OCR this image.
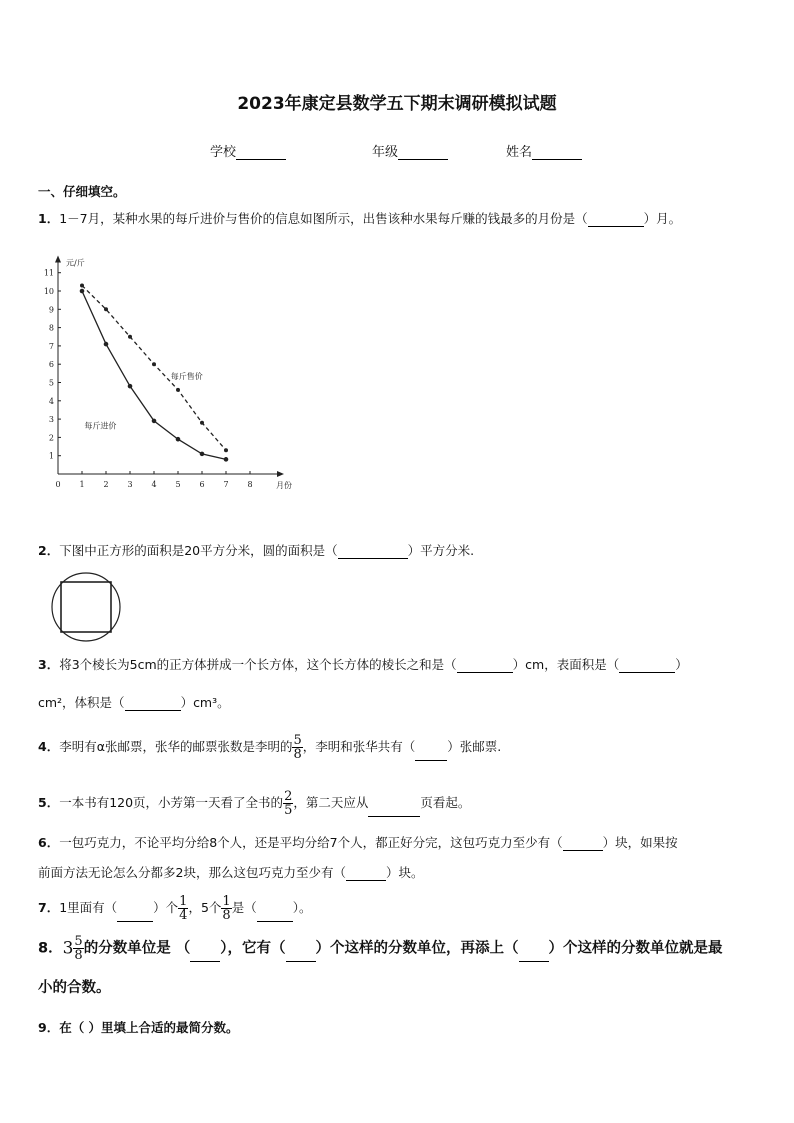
2023年康定县数学五下期末调研模拟试题
学校	年级	姓名
一、仔细填空。
1．1－7月，某种水果的每斤进价与售价的信息如图所示，出售该种水果每斤赚的钱最多的月份是（	）月。
1
2
3
4
5
6
7
8
9
10
11
0 1 2 3 4 5 6 7 8
元/斤
月份
每斤售价
每斤进价
2．下图中正方形的面积是20平方分米，圆的面积是（	）平方分米.
3．将3个棱长为5cm的正方体拼成一个长方体，这个长方体的棱长之和是（	）cm，表面积是（	）
cm²，体积是（	）cm³。
4．李明有α张邮票，张华的邮票张数是李明的 $\frac{5}{8}$ ，李明和张华共有（	）张邮票.
5．一本书有120页，小芳第一天看了全书的 $\frac{2}{5}$ ，第二天应从	页看起。
6．一包巧克力，不论平均分给8个人，还是平均分给7个人，都正好分完，这包巧克力至少有（	）块，如果按
前面方法无论怎么分都多2块，那么这包巧克力至少有（	）块。
7．1里面有（	）个 $\frac{1}{4}$ ，5个 $\frac{1}{8}$ 是（	）。
8．$3 \frac{5}{8}$ 的分数单位是 （ ），它有（ ）个这样的分数单位，再添上（ ）个这样的分数单位就是最
小的合数。
9．在（ ）里填上合适的最简分数。
